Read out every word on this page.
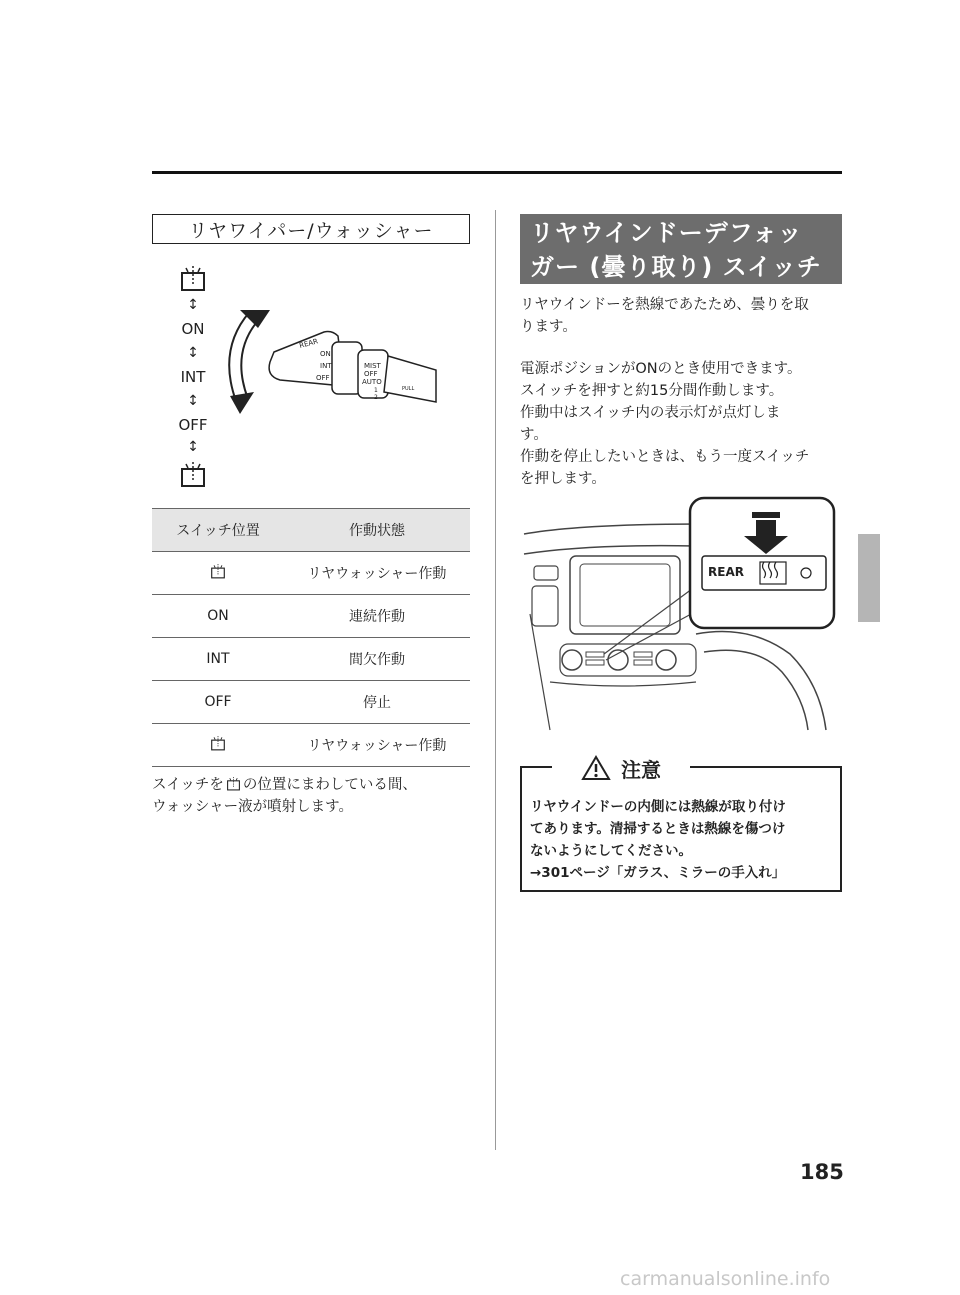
リヤワイパー/ウォッシャー
↕
ON
↕
INT
↕
OFF
↕
REAR
ON
INT
OFF
MIST
OFF
AUTO
1
2
PULL
スイッチ位置	作動状態
	リヤウォッシャー作動
ON	連続作動
INT	間欠作動
OFF	停止
	リヤウォッシャー作動
スイッチを の位置にまわしている間、
ウォッシャー液が噴射します。
リヤウインドーデフォッ
ガー (曇り取り) スイッチ
リヤウインドーを熱線であたため、曇りを取
ります。
電源ポジションがONのとき使用できます。
スイッチを押すと約15分間作動します。
作動中はスイッチ内の表示灯が点灯しま
す。
作動を停止したいときは、もう一度スイッチ
を押します。
REAR
注意
リヤウインドーの内側には熱線が取り付け
てあります。清掃するときは熱線を傷つけ
ないようにしてください。
→301ページ「ガラス、ミラーの手入れ」
185
carmanualsonline.info
